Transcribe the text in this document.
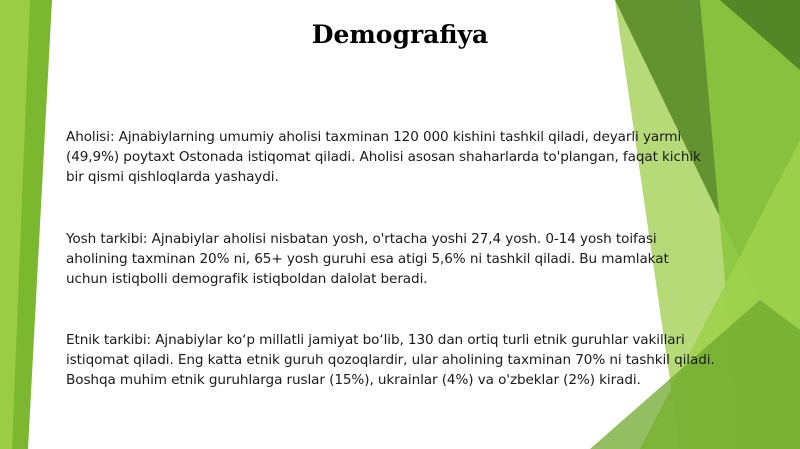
Demografiya

Aholisi: Ajnabiylarning umumiy aholisi taxminan 120 000 kishini tashkil qiladi, deyarli yarmi
(49,9%) poytaxt Ostonada istiqomat qiladi. Aholisi asosan shaharlarda to'plangan, faqat kichik
bir qismi qishloqlarda yashaydi.

Yosh tarkibi: Ajnabiylar aholisi nisbatan yosh, o'rtacha yoshi 27,4 yosh. 0-14 yosh toifasi
aholining taxminan 20% ni, 65+ yosh guruhi esa atigi 5,6% ni tashkil qiladi. Bu mamlakat
uchun istiqbolli demografik istiqboldan dalolat beradi.

Etnik tarkibi: Ajnabiylar koʻp millatli jamiyat boʻlib, 130 dan ortiq turli etnik guruhlar vakillari
istiqomat qiladi. Eng katta etnik guruh qozoqlardir, ular aholining taxminan 70% ni tashkil qiladi.
Boshqa muhim etnik guruhlarga ruslar (15%), ukrainlar (4%) va o'zbeklar (2%) kiradi.
